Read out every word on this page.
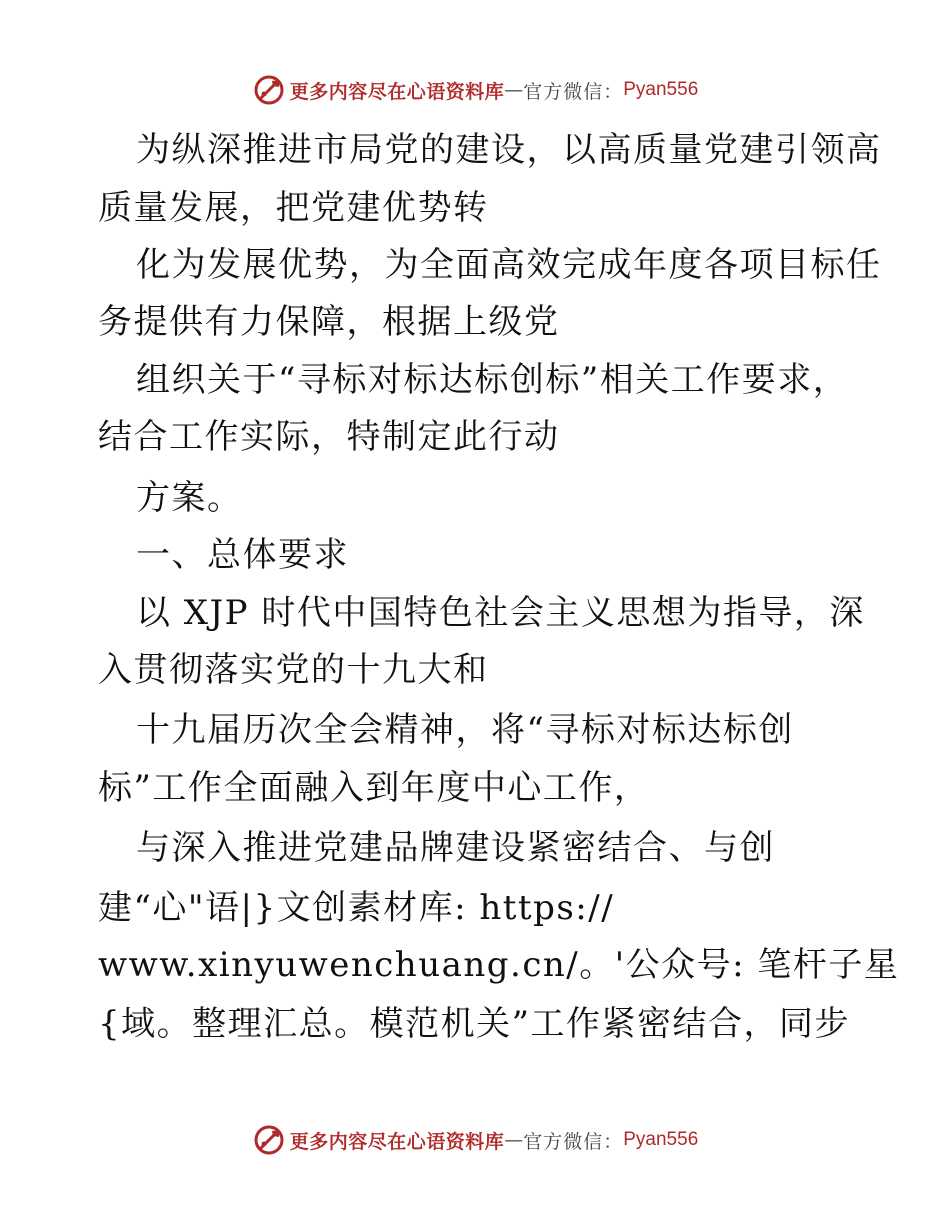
更多内容尽在心语资料库 — 官方微信： Pyan556
为纵深推进市局党的建设，以高质量党建引领高
质量发展，把党建优势转
化为发展优势，为全面高效完成年度各项目标任
务提供有力保障，根据上级党
组织关于“寻标对标达标创标”相关工作要求，
结合工作实际，特制定此行动
方案。
一、总体要求
以 XJP 时代中国特色社会主义思想为指导，深
入贯彻落实党的十九大和
十九届历次全会精神，将“寻标对标达标创
标”工作全面融入到年度中心工作，
与深入推进党建品牌建设紧密结合、与创
建“心"语|}文创素材库: https://
www.xinyuwenchuang.cn/。'公众号: 笔杆子星
{域。整理汇总。模范机关”工作紧密结合，同步
更多内容尽在心语资料库 — 官方微信： Pyan556
